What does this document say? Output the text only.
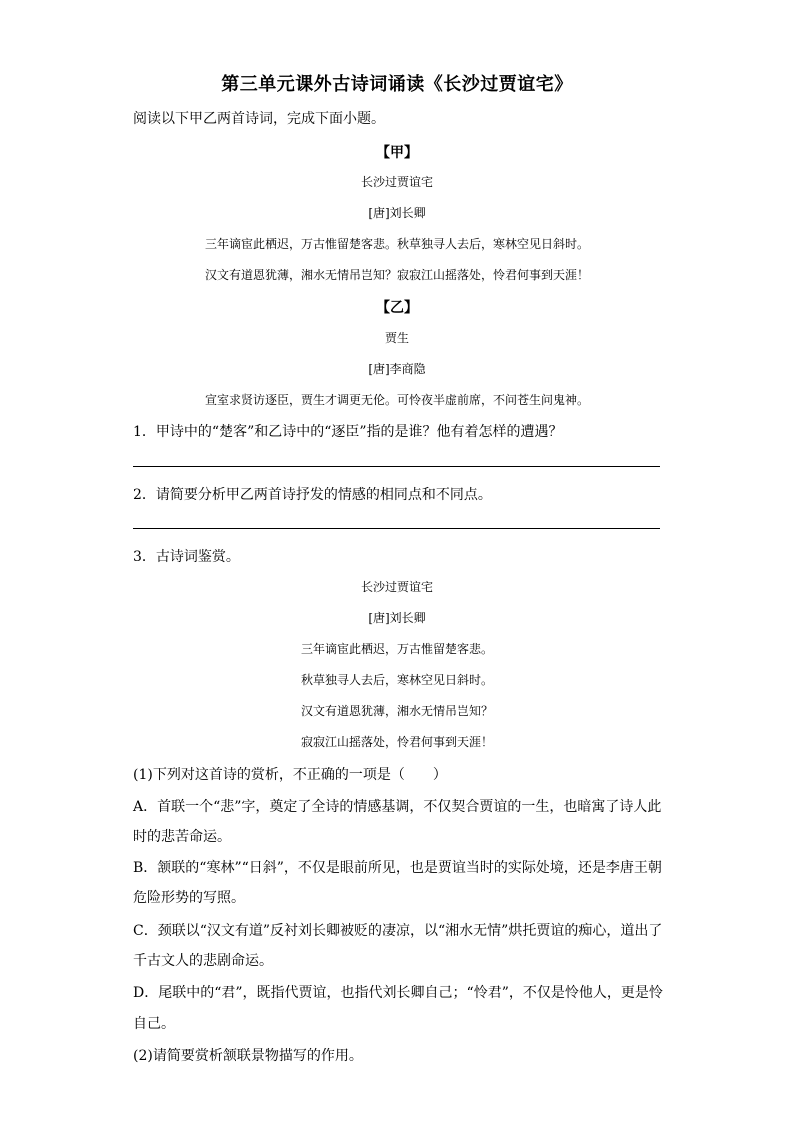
第三单元课外古诗词诵读《长沙过贾谊宅》
阅读以下甲乙两首诗词，完成下面小题。
【甲】
长沙过贾谊宅
[唐]刘长卿
三年谪宦此栖迟，万古惟留楚客悲。秋草独寻人去后，寒林空见日斜时。
汉文有道恩犹薄，湘水无情吊岂知？寂寂江山摇落处，怜君何事到天涯！
【乙】
贾生
[唐]李商隐
宣室求贤访逐臣，贾生才调更无伦。可怜夜半虚前席，不问苍生问鬼神。
1．甲诗中的“楚客”和乙诗中的“逐臣”指的是谁？他有着怎样的遭遇？
2．请简要分析甲乙两首诗抒发的情感的相同点和不同点。
3．古诗词鉴赏。
长沙过贾谊宅
[唐]刘长卿
三年谪宦此栖迟，万古惟留楚客悲。
秋草独寻人去后，寒林空见日斜时。
汉文有道恩犹薄，湘水无情吊岂知？
寂寂江山摇落处，怜君何事到天涯！
(1)下列对这首诗的赏析，不正确的一项是（　　）
A．首联一个“悲”字，奠定了全诗的情感基调，不仅契合贾谊的一生，也暗寓了诗人此
时的悲苦命运。
B．颔联的“寒林”“日斜”，不仅是眼前所见，也是贾谊当时的实际处境，还是李唐王朝
危险形势的写照。
C．颈联以“汉文有道”反衬刘长卿被贬的凄凉，以“湘水无情”烘托贾谊的痴心，道出了
千古文人的悲剧命运。
D．尾联中的“君”，既指代贾谊，也指代刘长卿自己；“怜君”，不仅是怜他人，更是怜
自己。
(2)请简要赏析颔联景物描写的作用。
